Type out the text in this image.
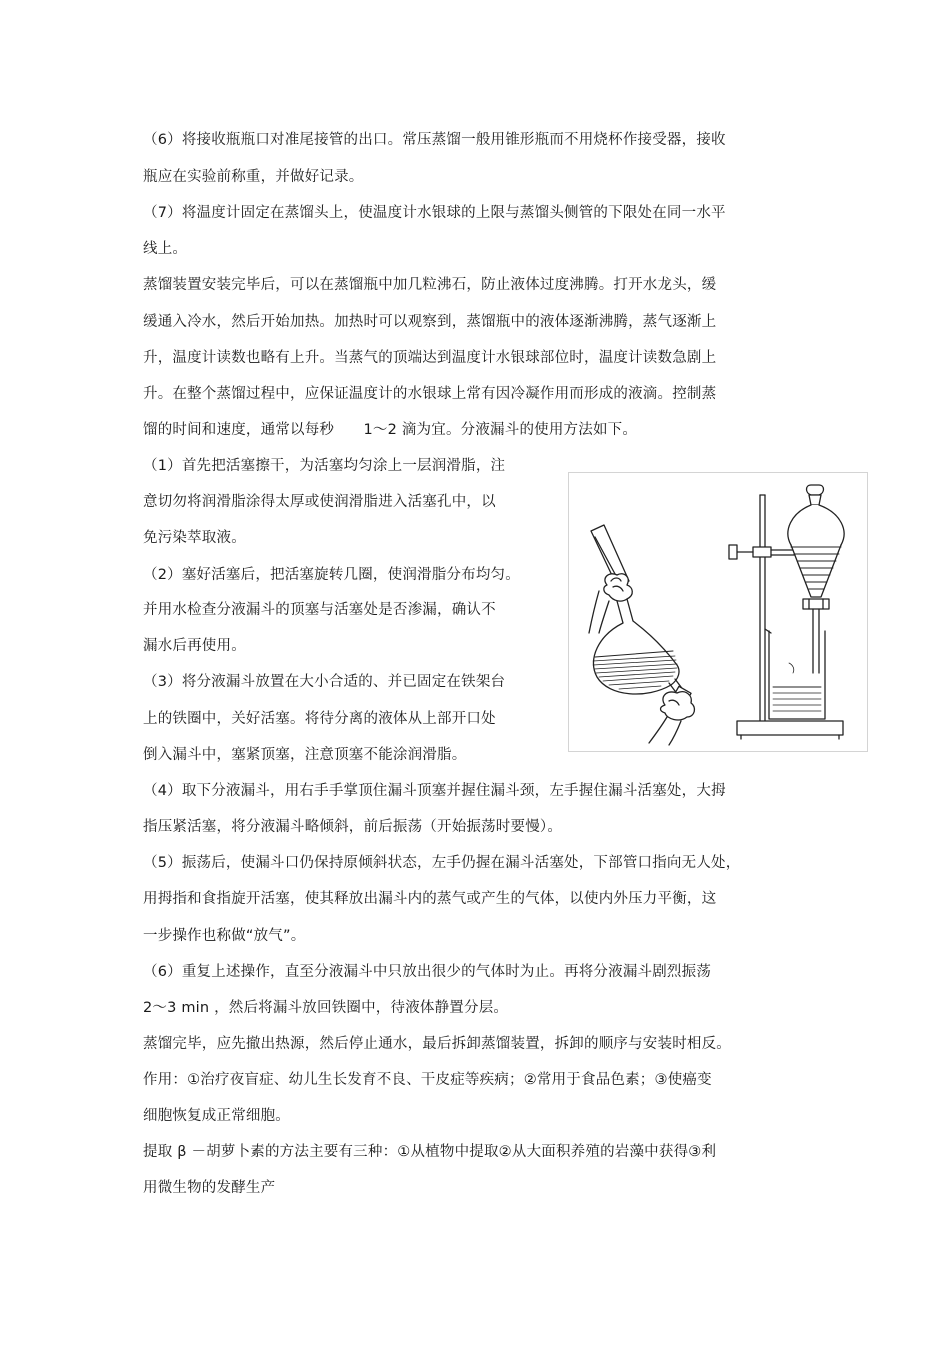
（6）将接收瓶瓶口对准尾接管的出口。常压蒸馏一般用锥形瓶而不用烧杯作接受器，接收
瓶应在实验前称重，并做好记录。
（7）将温度计固定在蒸馏头上，使温度计水银球的上限与蒸馏头侧管的下限处在同一水平
线上。
蒸馏装置安装完毕后，可以在蒸馏瓶中加几粒沸石，防止液体过度沸腾。打开水龙头，缓
缓通入冷水，然后开始加热。加热时可以观察到，蒸馏瓶中的液体逐渐沸腾，蒸气逐渐上
升，温度计读数也略有上升。当蒸气的顶端达到温度计水银球部位时，温度计读数急剧上
升。在整个蒸馏过程中，应保证温度计的水银球上常有因冷凝作用而形成的液滴。控制蒸
馏的时间和速度，通常以每秒　　1～2 滴为宜。分液漏斗的使用方法如下。
（1）首先把活塞擦干，为活塞均匀涂上一层润滑脂，注
意切勿将润滑脂涂得太厚或使润滑脂进入活塞孔中，以
免污染萃取液。
（2）塞好活塞后，把活塞旋转几圈，使润滑脂分布均匀。
并用水检查分液漏斗的顶塞与活塞处是否渗漏，确认不
漏水后再使用。
（3）将分液漏斗放置在大小合适的、并已固定在铁架台
上的铁圈中，关好活塞。将待分离的液体从上部开口处
倒入漏斗中，塞紧顶塞，注意顶塞不能涂润滑脂。
（4）取下分液漏斗，用右手手掌顶住漏斗顶塞并握住漏斗颈，左手握住漏斗活塞处，大拇
指压紧活塞，将分液漏斗略倾斜，前后振荡（开始振荡时要慢）。
（5）振荡后，使漏斗口仍保持原倾斜状态，左手仍握在漏斗活塞处，下部管口指向无人处，
用拇指和食指旋开活塞，使其释放出漏斗内的蒸气或产生的气体，以使内外压力平衡，这
一步操作也称做“放气”。
（6）重复上述操作，直至分液漏斗中只放出很少的气体时为止。再将分液漏斗剧烈振荡
2～3 min ，然后将漏斗放回铁圈中，待液体静置分层。
蒸馏完毕，应先撤出热源，然后停止通水，最后拆卸蒸馏装置，拆卸的顺序与安装时相反。
作用：①治疗夜盲症、幼儿生长发育不良、干皮症等疾病；②常用于食品色素；③使癌变
细胞恢复成正常细胞。
提取 β －胡萝卜素的方法主要有三种：①从植物中提取②从大面积养殖的岩藻中获得③利
用微生物的发酵生产
